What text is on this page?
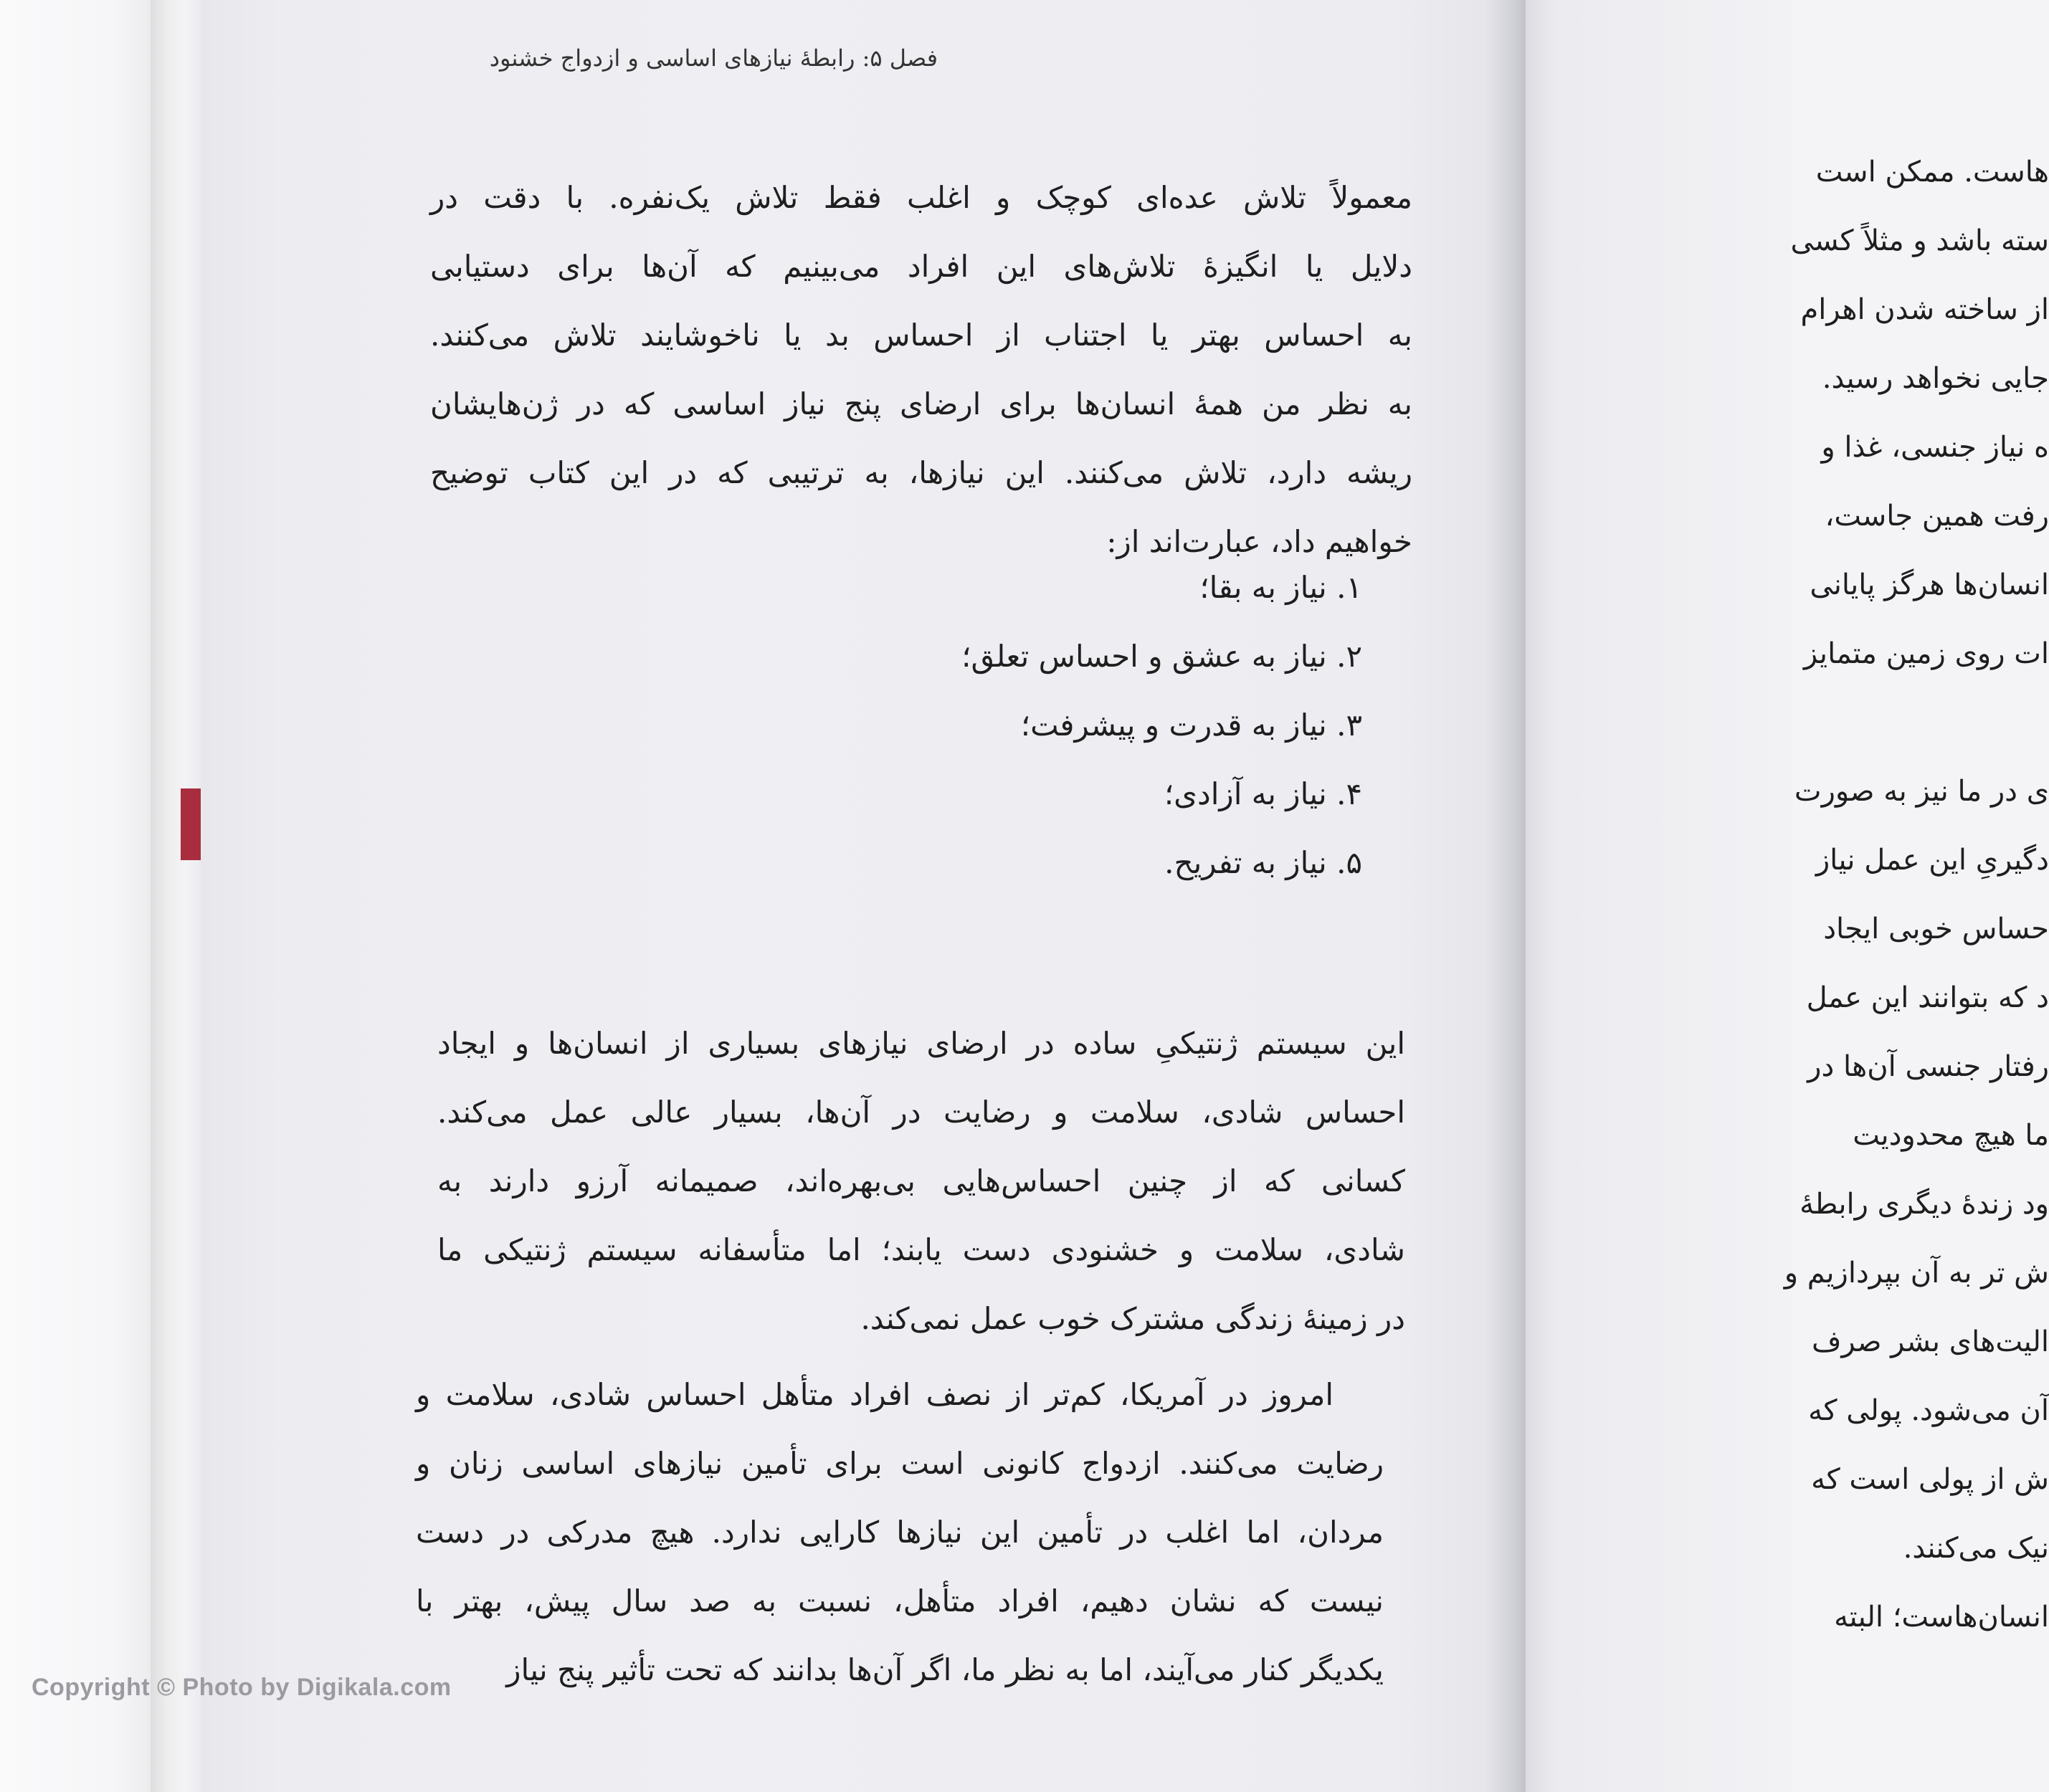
فصل ۵: رابطهٔ نیازهای اساسی و ازدواج خشنود
معمولاً تلاش عده‌ای کوچک و اغلب فقط تلاش یک‌نفره. با دقت در
دلایل یا انگیزهٔ تلاش‌های این افراد می‌بینیم که آن‌ها برای دستیابی
به احساس بهتر یا اجتناب از احساس بد یا ناخوشایند تلاش می‌کنند.
به نظر من همهٔ انسان‌ها برای ارضای پنج نیاز اساسی که در ژن‌هایشان
ریشه دارد، تلاش می‌کنند. این نیازها، به ترتیبی که در این کتاب توضیح
خواهیم داد، عبارت‌اند از:
۱. نیاز به بقا؛
۲. نیاز به عشق و احساس تعلق؛
۳. نیاز به قدرت و پیشرفت؛
۴. نیاز به آزادی؛
۵. نیاز به تفریح.
این سیستم ژنتیکیِ ساده در ارضای نیازهای بسیاری از انسان‌ها و ایجاد
احساس شادی، سلامت و رضایت در آن‌ها، بسیار عالی عمل می‌کند.
کسانی که از چنین احساس‌هایی بی‌بهره‌اند، صمیمانه آرزو دارند به
شادی، سلامت و خشنودی دست یابند؛ اما متأسفانه سیستم ژنتیکی ما
در زمینهٔ زندگی مشترک خوب عمل نمی‌کند.
امروز در آمریکا، کم‌تر از نصف افراد متأهل احساس شادی، سلامت و
رضایت می‌کنند. ازدواج کانونی است برای تأمین نیازهای اساسی زنان و
مردان، اما اغلب در تأمین این نیازها کارایی ندارد. هیچ مدرکی در دست
نیست که نشان دهیم، افراد متأهل، نسبت به صد سال پیش، بهتر با
یکدیگر کنار می‌آیند، اما به نظر ما، اگر آن‌ها بدانند که تحت تأثیر پنج نیاز
ها‌ست. ممکن است
سته باشد و مثلاً کسی
از ساخته شدن اهرام
جایی نخواهد رسید.
ه نیاز جنسی، غذا و
رفت همین جاست،
انسان‌ها هرگز پایانی
ات روی زمین متمایز
ی در ما نیز به صورت
دگیریِ این عمل نیاز
حساس خوبی ایجاد
د که بتوانند این عمل
رفتار جنسی آن‌ها در
ما هیچ محدودیت
ود زندهٔ دیگری رابطهٔ
ش تر به آن بپردازیم و
الیت‌های بشر صرف
آن می‌شود. پولی که
ش از پولی است که
نیک می‌کنند.
انسان‌ها‌ست؛ البته
Copyright © Photo by Digikala.com
